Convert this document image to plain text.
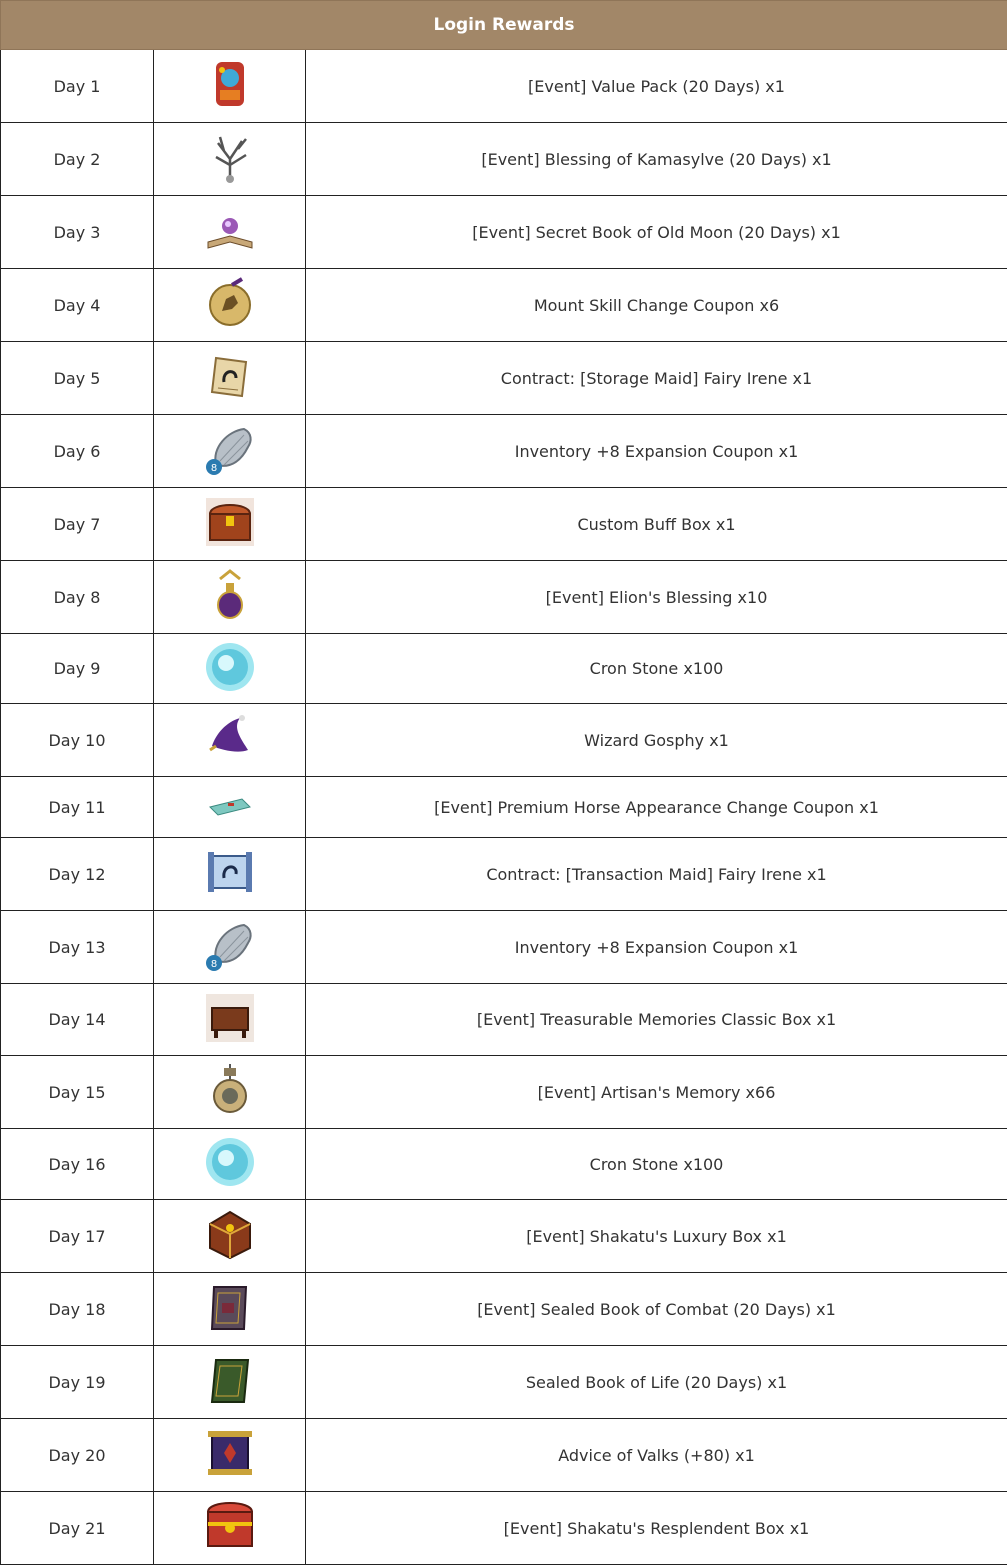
Login Rewards		
Day 1		[Event] Value Pack (20 Days) x1
Day 2		[Event] Blessing of Kamasylve (20 Days) x1
Day 3		[Event] Secret Book of Old Moon (20 Days) x1
Day 4		Mount Skill Change Coupon x6
Day 5		Contract: [Storage Maid] Fairy Irene x1
Day 6	8	Inventory +8 Expansion Coupon x1
Day 7		Custom Buff Box x1
Day 8		[Event] Elion's Blessing x10
Day 9		Cron Stone x100
Day 10		Wizard Gosphy x1
Day 11		[Event] Premium Horse Appearance Change Coupon x1
Day 12		Contract: [Transaction Maid] Fairy Irene x1
Day 13	8	Inventory +8 Expansion Coupon x1
Day 14		[Event] Treasurable Memories Classic Box x1
Day 15		[Event] Artisan's Memory x66
Day 16		Cron Stone x100
Day 17		[Event] Shakatu's Luxury Box x1
Day 18		[Event] Sealed Book of Combat (20 Days) x1
Day 19		Sealed Book of Life (20 Days) x1
Day 20		Advice of Valks (+80) x1
Day 21		[Event] Shakatu's Resplendent Box x1
